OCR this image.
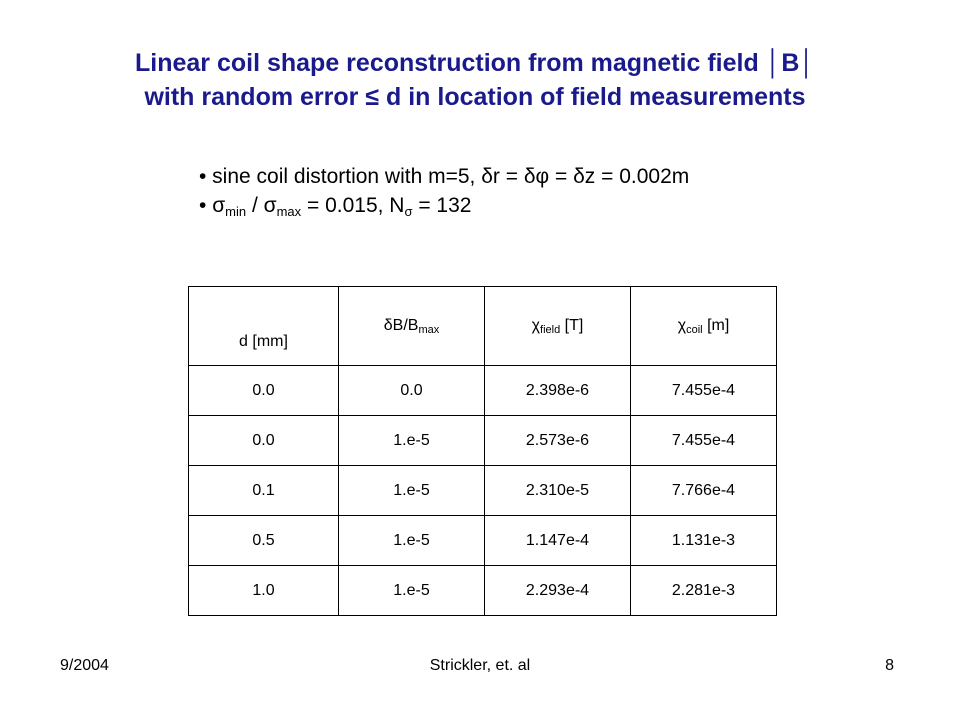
Linear coil shape reconstruction from magnetic field │B│
with random error ≤ d in location of field measurements
• sine coil distortion with m=5, δr = δφ = δz = 0.002m
• $\sigma_{min} / \sigma_{max} = 0.015$, $N_\sigma = 132$
d [mm]	$\delta B/B_{max}$	$\chi_{field}$ [T]	$\chi_{coil}$ [m]
0.0	0.0	2.398e-6	7.455e-4
0.0	1.e-5	2.573e-6	7.455e-4
0.1	1.e-5	2.310e-5	7.766e-4
0.5	1.e-5	1.147e-4	1.131e-3
1.0	1.e-5	2.293e-4	2.281e-3
9/2004	Strickler, et. al	8
